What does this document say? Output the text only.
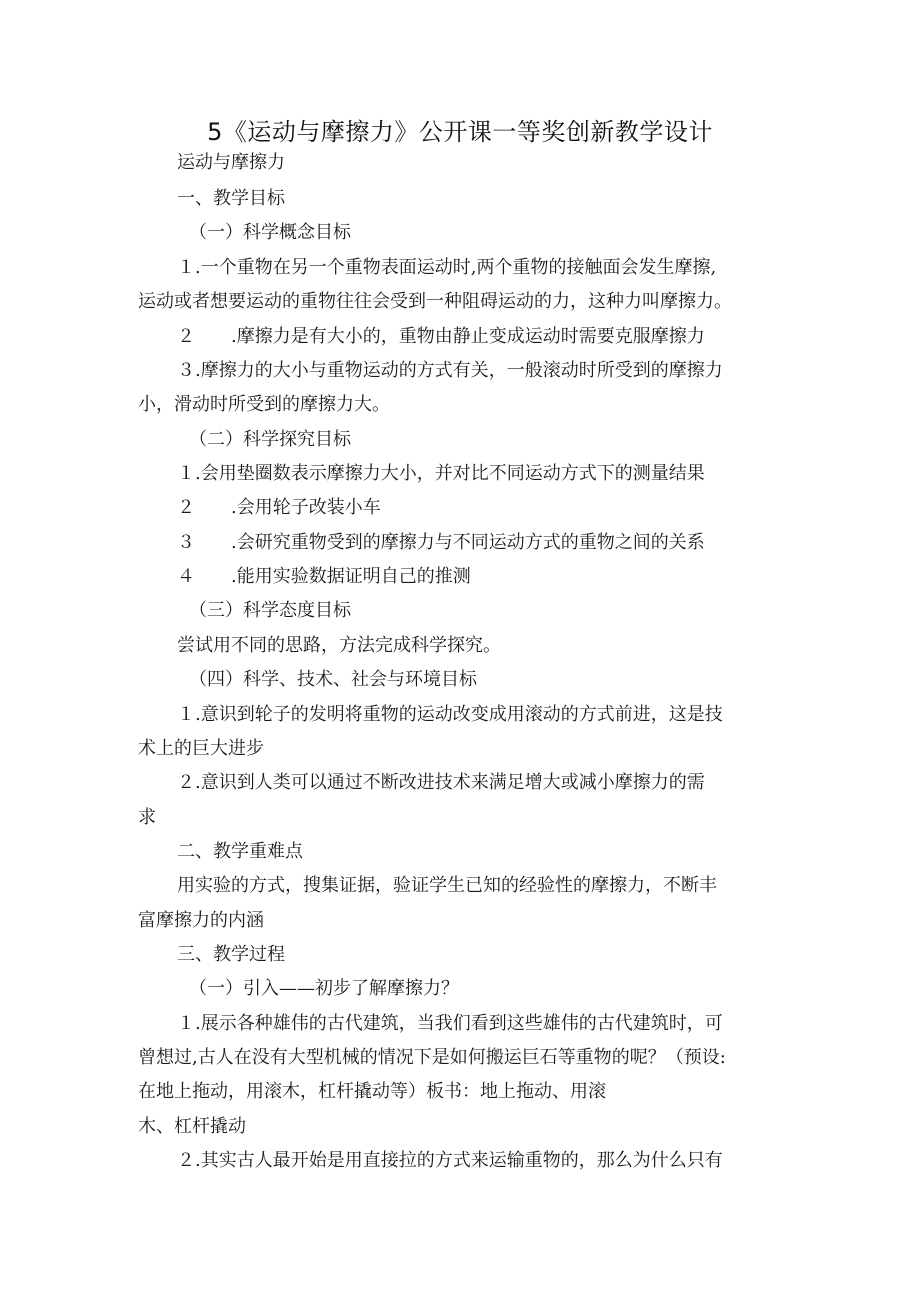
5《运动与摩擦力》公开课一等奖创新教学设计
运动与摩擦力
一、教学目标
（一）科学概念目标
１.一个重物在另一个重物表面运动时,两个重物的接触面会发生摩擦,
运动或者想要运动的重物往往会受到一种阻碍运动的力，这种力叫摩擦力。
２　　.摩擦力是有大小的，重物由静止变成运动时需要克服摩擦力
３.摩擦力的大小与重物运动的方式有关，一般滚动时所受到的摩擦力
小，滑动时所受到的摩擦力大。
（二）科学探究目标
１.会用垫圈数表示摩擦力大小，并对比不同运动方式下的测量结果
２　　.会用轮子改装小车
３　　.会研究重物受到的摩擦力与不同运动方式的重物之间的关系
４　　.能用实验数据证明自己的推测
（三）科学态度目标
尝试用不同的思路，方法完成科学探究。
（四）科学、技术、社会与环境目标
１.意识到轮子的发明将重物的运动改变成用滚动的方式前进，这是技
术上的巨大进步
２.意识到人类可以通过不断改进技术来满足增大或减小摩擦力的需
求
二、教学重难点
用实验的方式，搜集证据，验证学生已知的经验性的摩擦力，不断丰
富摩擦力的内涵
三、教学过程
（一）引入——初步了解摩擦力？
１.展示各种雄伟的古代建筑，当我们看到这些雄伟的古代建筑时，可
曾想过,古人在没有大型机械的情况下是如何搬运巨石等重物的呢？（预设:
在地上拖动，用滚木，杠杆撬动等）板书：地上拖动、用滚
木、杠杆撬动
２.其实古人最开始是用直接拉的方式来运输重物的，那么为什么只有
